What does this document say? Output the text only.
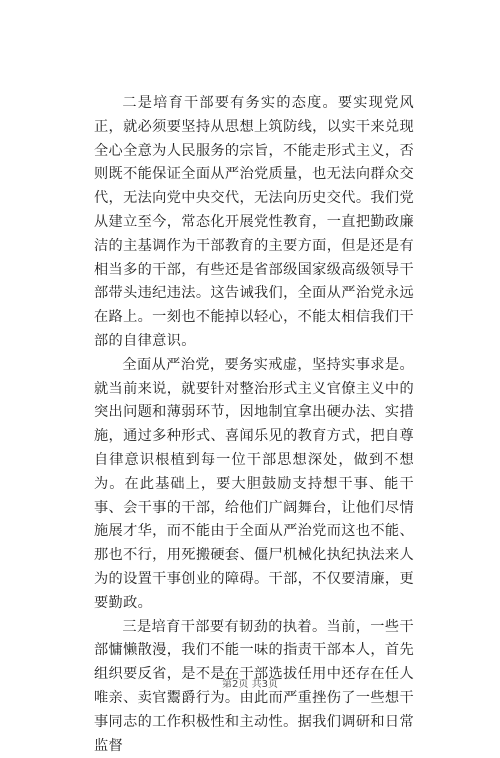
二是培育干部要有务实的态度。要实现党风正，就必须要坚持从思想上筑防线，以实干来兑现全心全意为人民服务的宗旨，不能走形式主义，否则既不能保证全面从严治党质量，也无法向群众交代，无法向党中央交代，无法向历史交代。我们党从建立至今，常态化开展党性教育，一直把勤政廉洁的主基调作为干部教育的主要方面，但是还是有相当多的干部，有些还是省部级国家级高级领导干部带头违纪违法。这告诫我们，全面从严治党永远在路上。一刻也不能掉以轻心，不能太相信我们干部的自律意识。

全面从严治党，要务实戒虚，坚持实事求是。就当前来说，就要针对整治形式主义官僚主义中的突出问题和薄弱环节，因地制宜拿出硬办法、实措施，通过多种形式、喜闻乐见的教育方式，把自尊自律意识根植到每一位干部思想深处，做到不想为。在此基础上，要大胆鼓励支持想干事、能干事、会干事的干部，给他们广阔舞台，让他们尽情施展才华，而不能由于全面从严治党而这也不能、那也不行，用死搬硬套、僵尸机械化执纪执法来人为的设置干事创业的障碍。干部，不仅要清廉，更要勤政。

三是培育干部要有韧劲的执着。当前，一些干部慵懒散漫，我们不能一味的指责干部本人，首先组织要反省，是不是在干部选拔任用中还存在任人唯亲、卖官鬻爵行为。由此而严重挫伤了一些想干事同志的工作积极性和主动性。据我们调研和日常监督

第2页 共3页
